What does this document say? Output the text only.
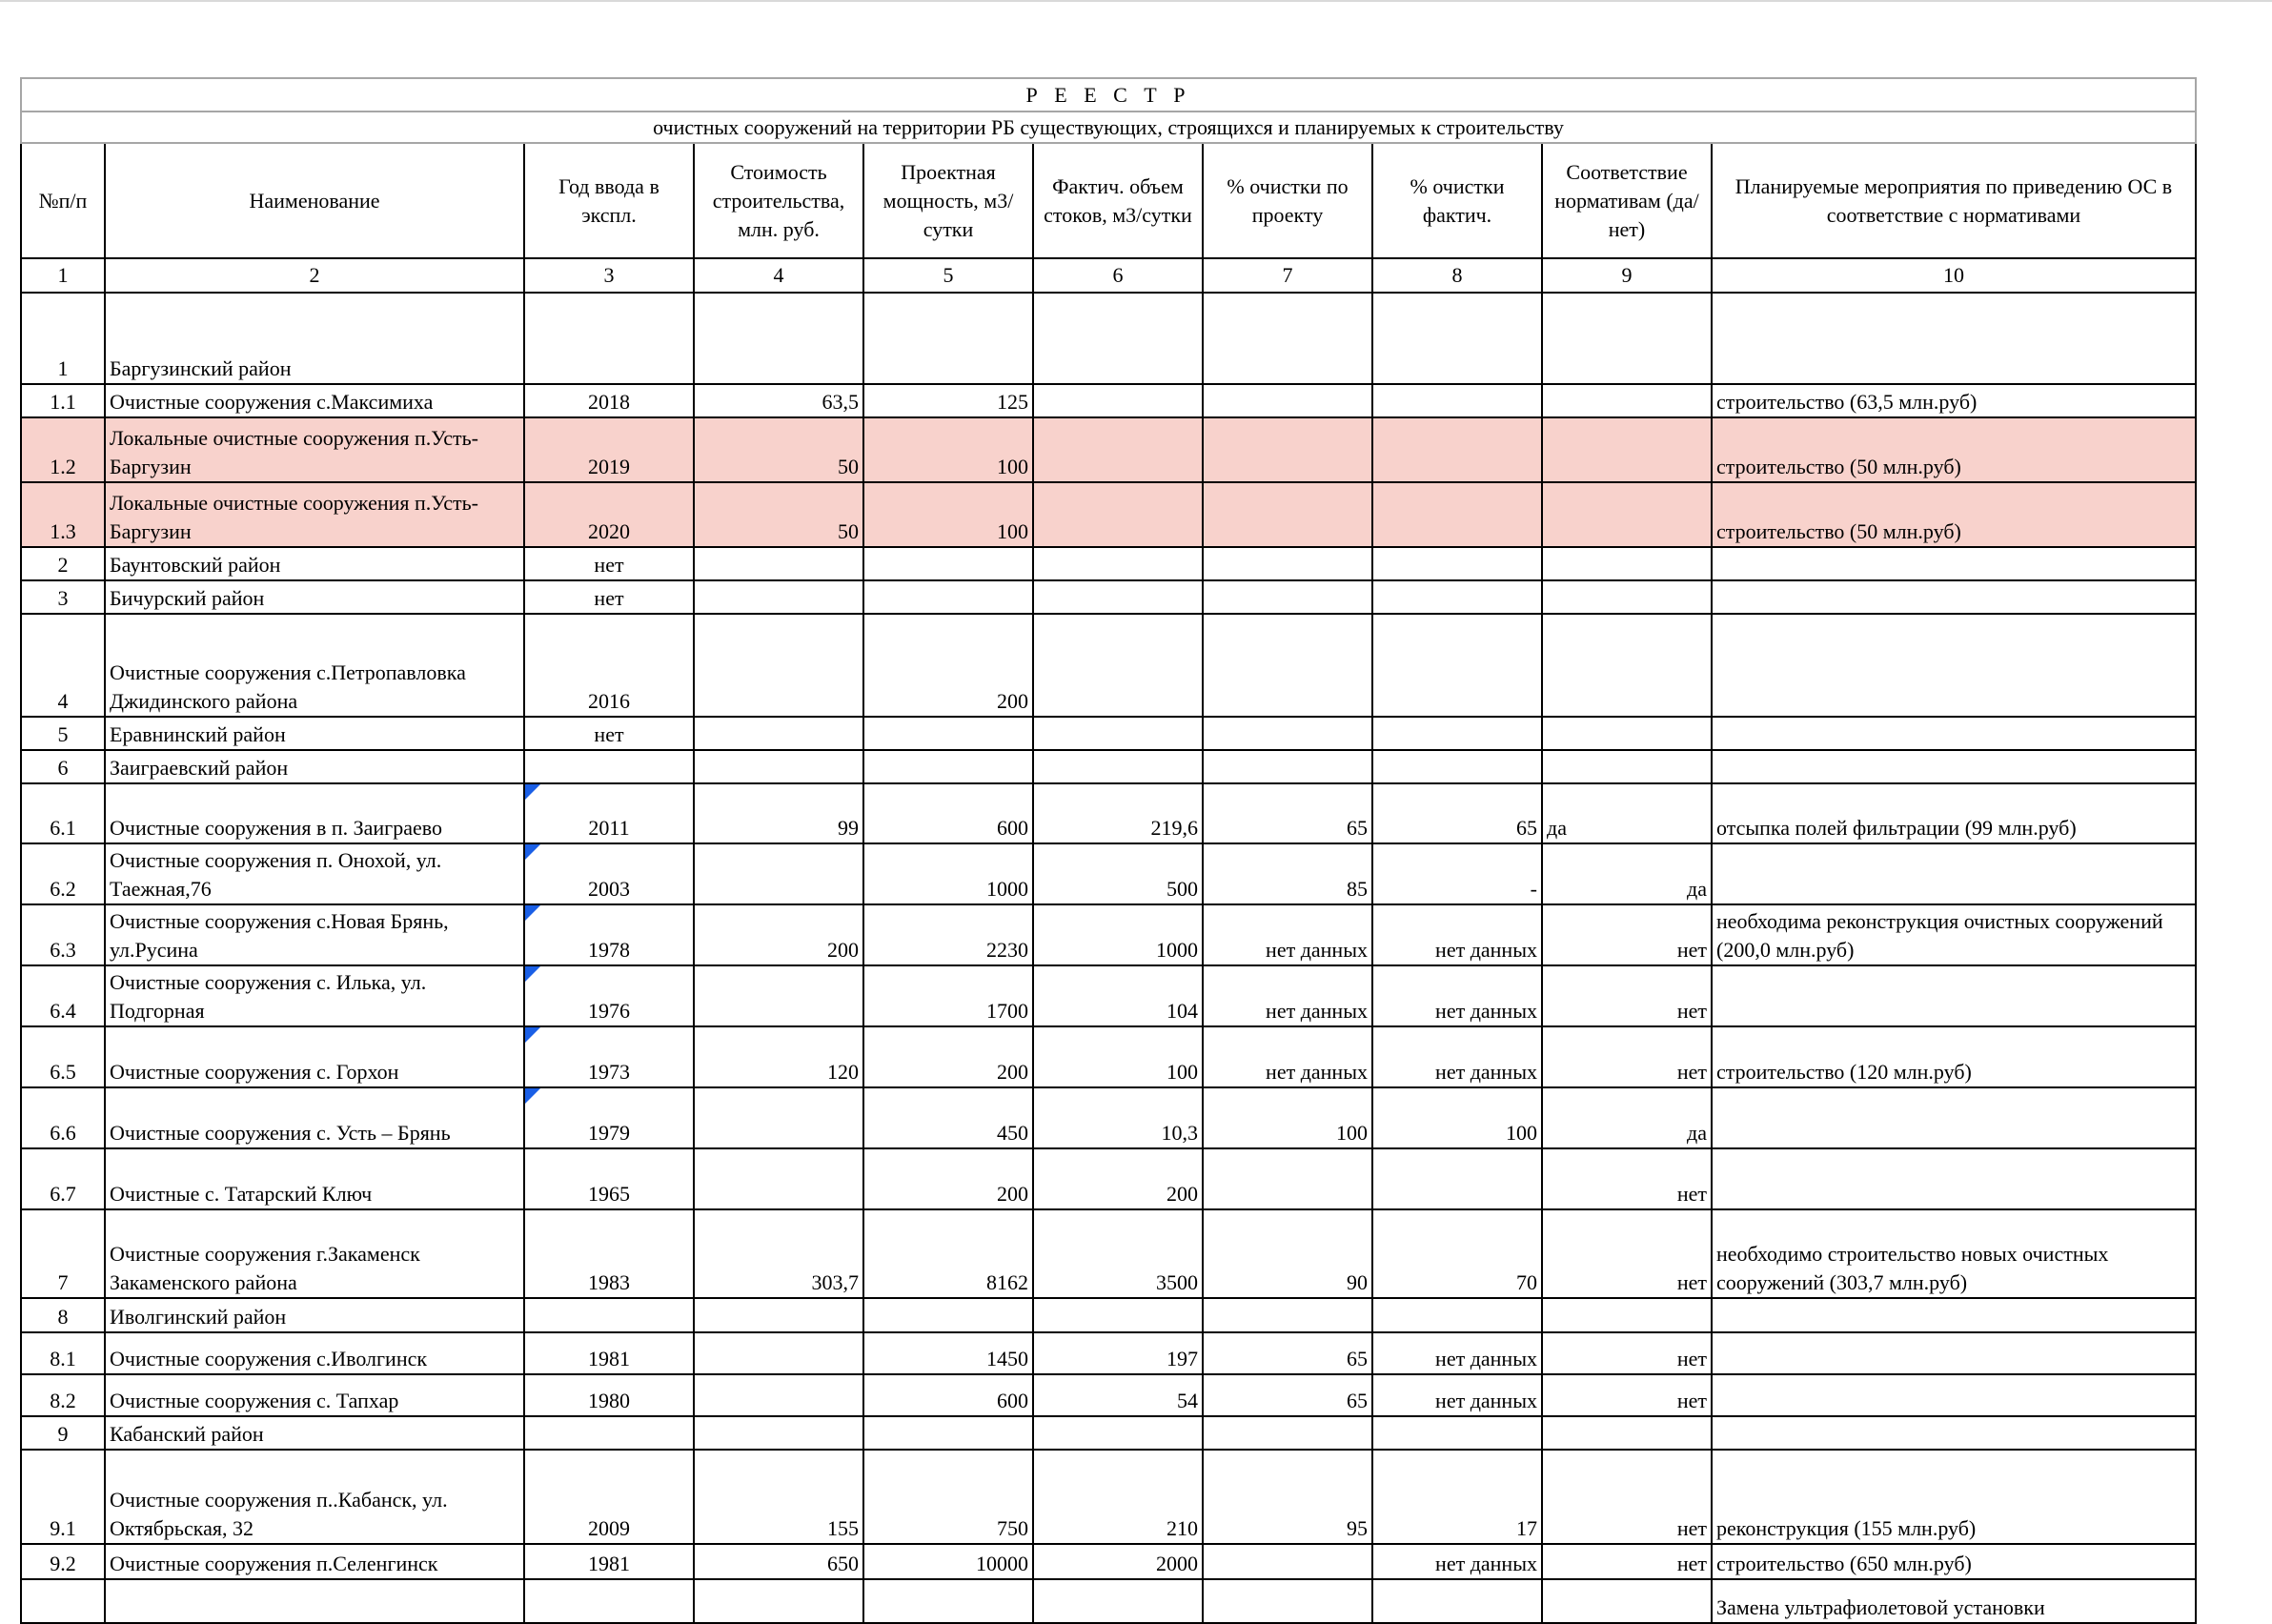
Р Е Е С Т Р									
очистных сооружений на территории РБ существующих, строящихся и планируемых к строительству									
№п/п	Наименование	Год ввода в экспл.	Стоимость строительства, млн. руб.	Проектная мощность, м3/сутки	Фактич. объем стоков, м3/сутки	% очистки по проекту	% очистки фактич.	Соответствие нормативам (да/нет)	Планируемые мероприятия по приведению ОС в соответствие с нормативами
1	2	3	4	5	6	7	8	9	10
1	Баргузинский район								
1.1	Очистные сооружения с.Максимиха	2018	63,5	125					строительство (63,5 млн.руб)
1.2	Локальные очистные сооружения п.Усть-Баргузин	2019	50	100					строительство (50 млн.руб)
1.3	Локальные очистные сооружения п.Усть-Баргузин	2020	50	100					строительство (50 млн.руб)
2	Баунтовский район	нет							
3	Бичурский район	нет							
4	Очистные сооружения с.Петропавловка Джидинского района	2016		200					
5	Еравнинский район	нет							
6	Заиграевский район								
6.1	Очистные сооружения в п. Заиграево	2011	99	600	219,6	65	65	да	отсыпка полей фильтрации (99 млн.руб)
6.2	Очистные сооружения п. Онохой, ул. Таежная,76	2003		1000	500	85	-	да	
6.3	Очистные сооружения с.Новая Брянь, ул.Русина	1978	200	2230	1000	нет данных	нет данных	нет	необходима реконструкция очистных сооружений (200,0 млн.руб)
6.4	Очистные сооружения с. Илька, ул. Подгорная	1976		1700	104	нет данных	нет данных	нет	
6.5	Очистные сооружения с. Горхон	1973	120	200	100	нет данных	нет данных	нет	строительство (120 млн.руб)
6.6	Очистные сооружения с. Усть – Брянь	1979		450	10,3	100	100	да	
6.7	Очистные с. Татарский Ключ	1965		200	200			нет	
7	Очистные сооружения г.Закаменск Закаменского района	1983	303,7	8162	3500	90	70	нет	необходимо строительство новых очистных сооружений (303,7 млн.руб)
8	Иволгинский район								
8.1	Очистные сооружения с.Иволгинск	1981		1450	197	65	нет данных	нет	
8.2	Очистные сооружения с. Тапхар	1980		600	54	65	нет данных	нет	
9	Кабанский район								
9.1	Очистные сооружения п..Кабанск, ул. Октябрьская, 32	2009	155	750	210	95	17	нет	реконструкция (155 млн.руб)
9.2	Очистные сооружения п.Селенгинск	1981	650	10000	2000		нет данных	нет	строительство (650 млн.руб)
									Замена ультрафиолетовой установки
